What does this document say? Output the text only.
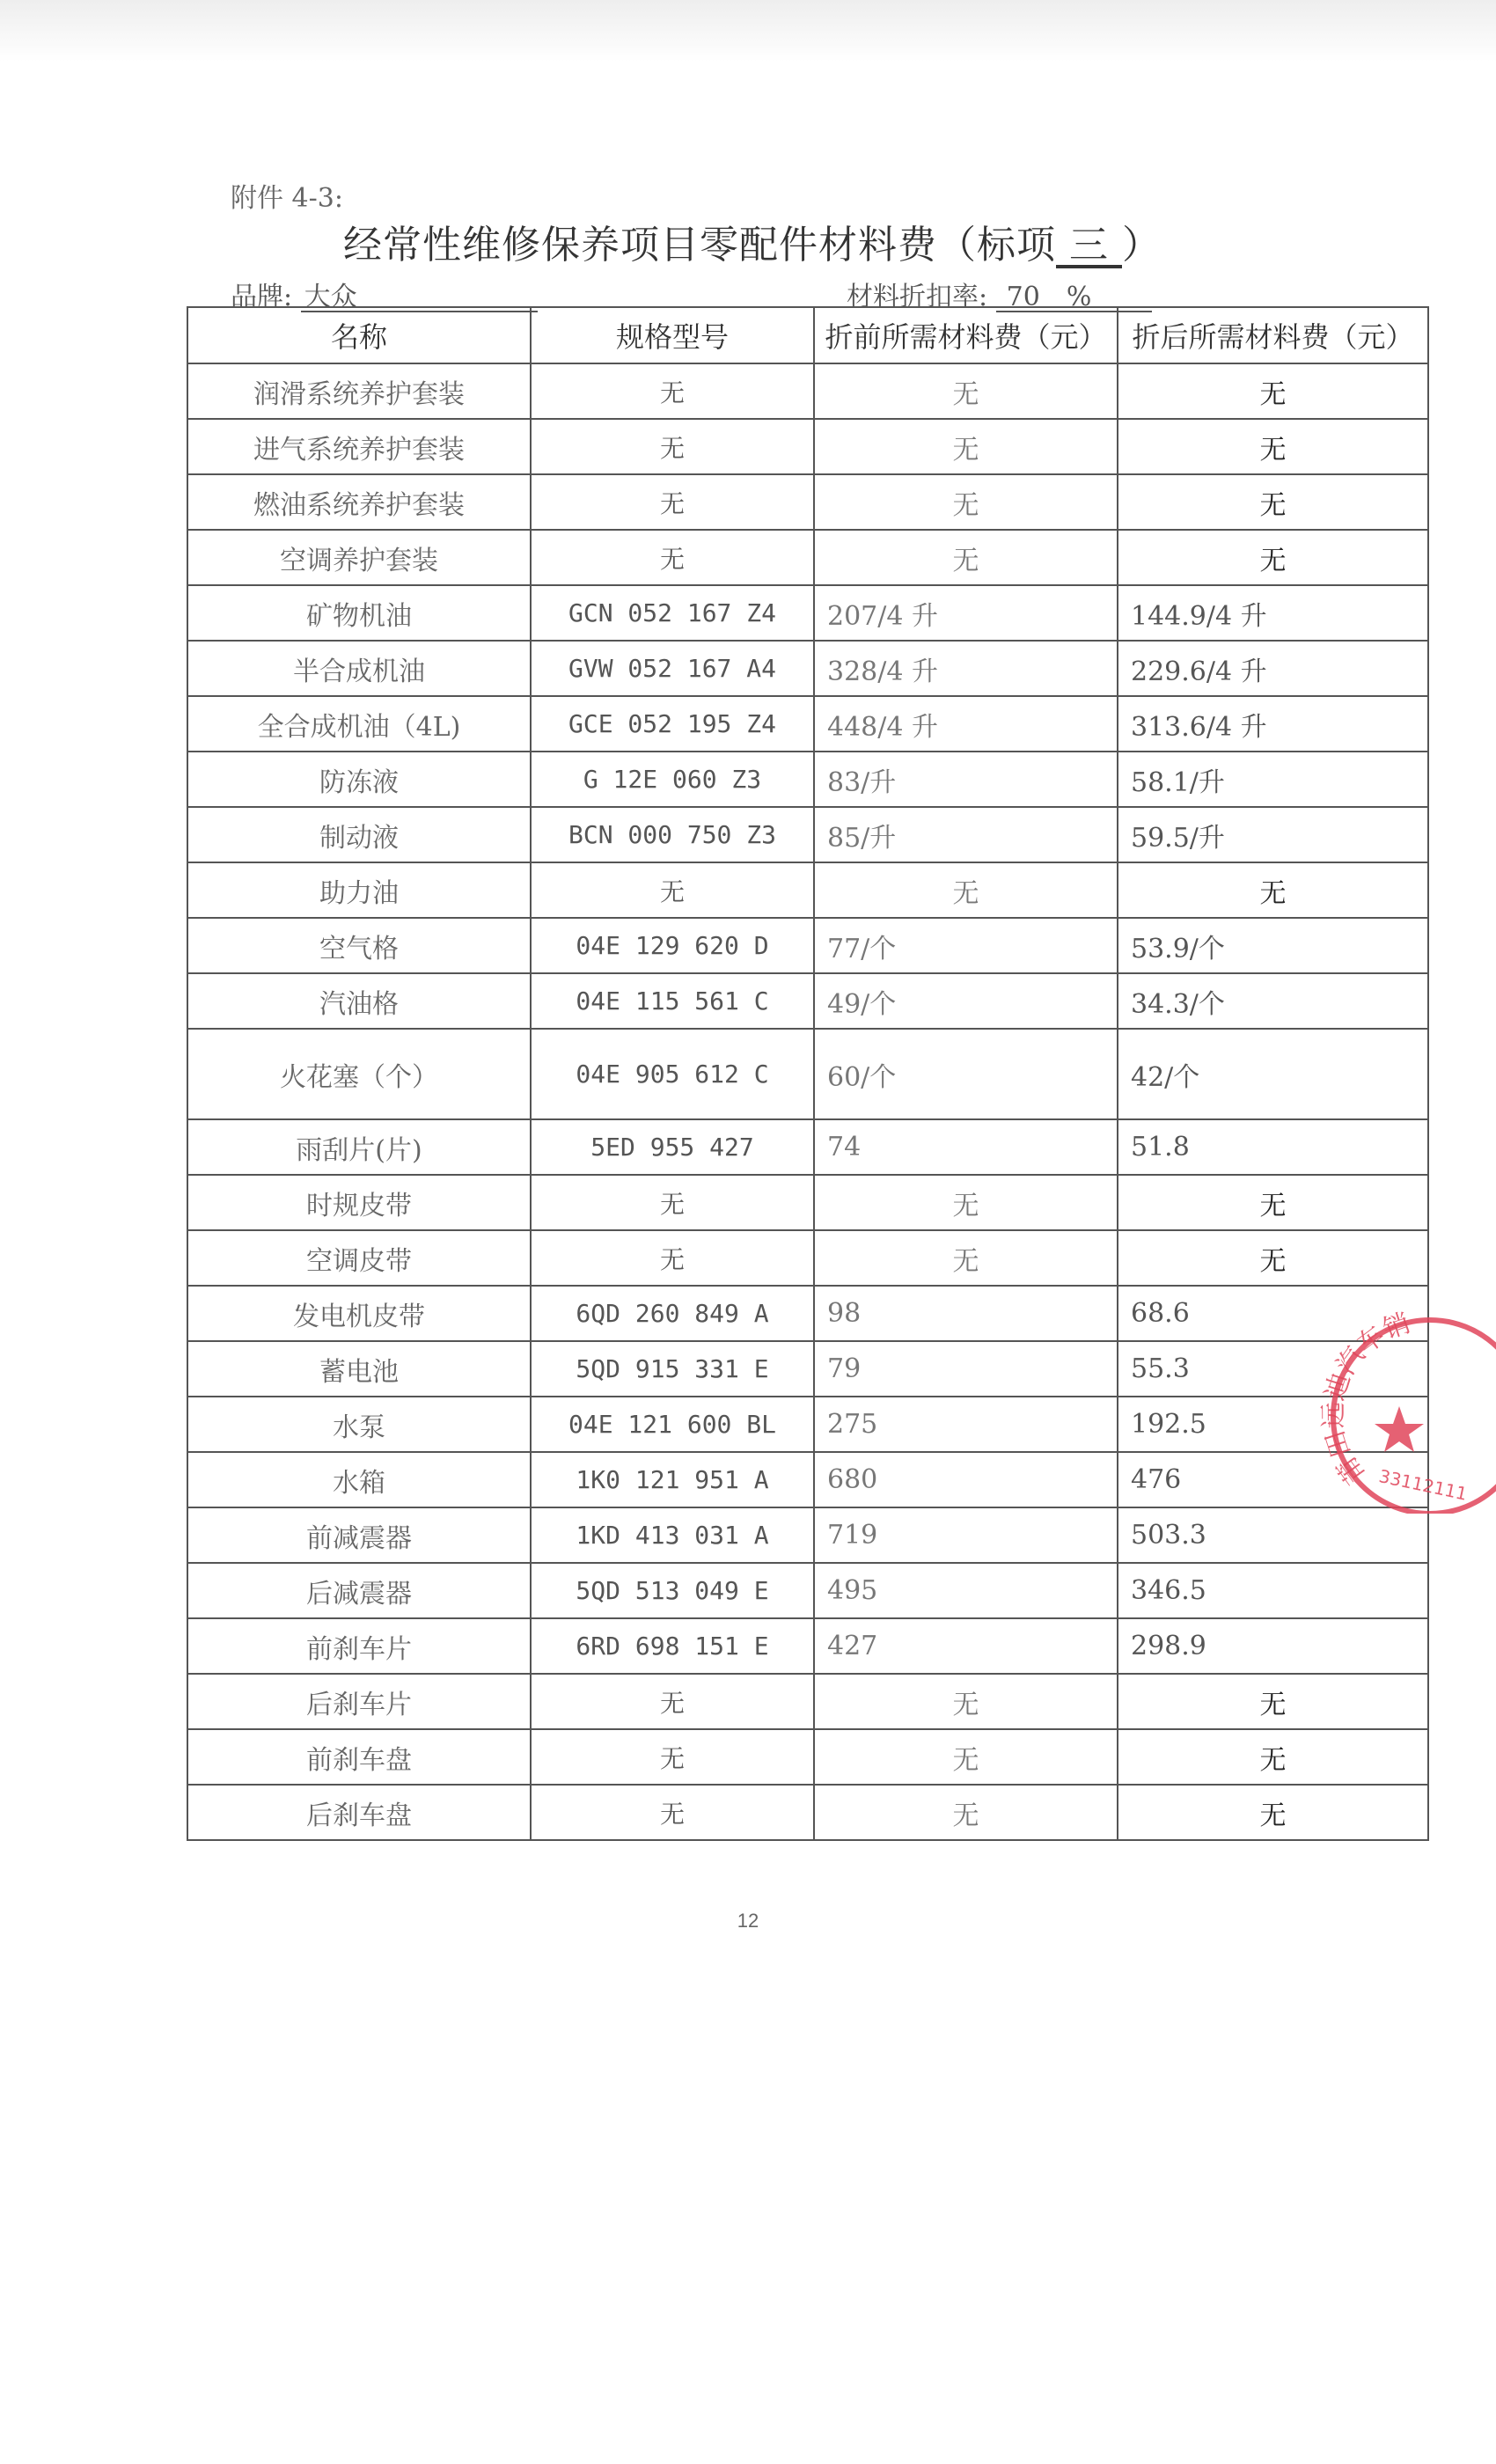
附件 4-3:
经常性维修保养项目零配件材料费（标项 三 ）
品牌: 大众	材料折扣率: 70 %
名称	规格型号	折前所需材料费（元）	折后所需材料费（元）
润滑系统养护套装	无	无	无
进气系统养护套装	无	无	无
燃油系统养护套装	无	无	无
空调养护套装	无	无	无
矿物机油	GCN 052 167 Z4	207/4 升	144.9/4 升
半合成机油	GVW 052 167 A4	328/4 升	229.6/4 升
全合成机油（4L)	GCE 052 195 Z4	448/4 升	313.6/4 升
防冻液	G 12E 060 Z3	83/升	58.1/升
制动液	BCN 000 750 Z3	85/升	59.5/升
助力油	无	无	无
空气格	04E 129 620 D	77/个	53.9/个
汽油格	04E 115 561 C	49/个	34.3/个
火花塞（个）	04E 905 612 C	60/个	42/个
雨刮片(片)	5ED 955 427	74	51.8
时规皮带	无	无	无
空调皮带	无	无	无
发电机皮带	6QD 260 849 A	98	68.6
蓄电池	5QD 915 331 E	79	55.3
水泵	04E 121 600 BL	275	192.5
水箱	1K0 121 951 A	680	476
前减震器	1KD 413 031 A	719	503.3
后减震器	5QD 513 049 E	495	346.5
前刹车片	6RD 698 151 E	427	298.9
后刹车片	无	无	无
前刹车盘	无	无	无
后刹车盘	无	无	无
12
莆田远迪汽车销
33112111
